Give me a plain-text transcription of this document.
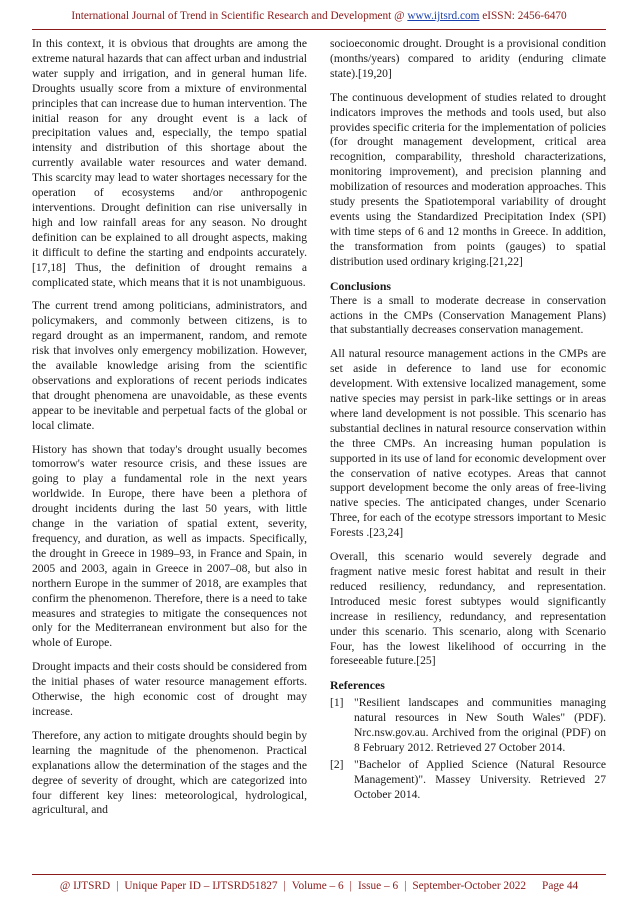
International Journal of Trend in Scientific Research and Development @ www.ijtsrd.com eISSN: 2456-6470

In this context, it is obvious that droughts are among the extreme natural hazards that can affect urban and industrial water supply and irrigation, and in general human life. Droughts usually score from a mixture of environmental principles that can increase due to human intervention. The initial reason for any drought event is a lack of precipitation values and, especially, the tempo spatial intensity and distribution of this shortage about the currently available water resources and water demand. This scarcity may lead to water shortages necessary for the operation of ecosystems and/or anthropogenic interventions. Drought definition can rise universally in high and low rainfall areas for any season. No drought definition can be explained to all drought aspects, making it difficult to define the starting and endpoints accurately.[17,18] Thus, the definition of drought remains a complicated state, which means that it is not unambiguous.

The current trend among politicians, administrators, and policymakers, and commonly between citizens, is to regard drought as an impermanent, random, and remote risk that involves only emergency mobilization. However, the available knowledge arising from the scientific observations and explorations of recent periods indicates that drought phenomena are unavoidable, as these events appear to be inevitable and perpetual facts of the global or local climate.

History has shown that today's drought usually becomes tomorrow's water resource crisis, and these issues are going to play a fundamental role in the next years worldwide. In Europe, there have been a plethora of drought incidents during the last 50 years, with little change in the variation of spatial extent, severity, frequency, and duration, as well as impacts. Specifically, the drought in Greece in 1989–93, in France and Spain, in 2005 and 2003, again in Greece in 2007–08, but also in northern Europe in the summer of 2018, are examples that confirm the phenomenon. Therefore, there is a need to take measures and strategies to mitigate the consequences not only for the Mediterranean environment but also for the whole of Europe.

Drought impacts and their costs should be considered from the initial phases of water resource management efforts. Otherwise, the high economic cost of drought may increase.

Therefore, any action to mitigate droughts should begin by learning the magnitude of the phenomenon. Practical explanations allow the determination of the stages and the degree of severity of drought, which are categorized into four different key lines: meteorological, hydrological, agricultural, and

socioeconomic drought. Drought is a provisional condition (months/years) compared to aridity (enduring climate state).[19,20]

The continuous development of studies related to drought indicators improves the methods and tools used, but also provides specific criteria for the implementation of policies (for drought management development, critical area recognition, comparability, threshold characterizations, monitoring improvement), and precision planning and mobilization of resources and moderation approaches. This study presents the Spatiotemporal variability of drought events using the Standardized Precipitation Index (SPI) with time steps of 6 and 12 months in Greece. In addition, the transformation from points (gauges) to spatial distribution used ordinary kriging.[21,22]

Conclusions

There is a small to moderate decrease in conservation actions in the CMPs (Conservation Management Plans) that substantially decreases conservation management.

All natural resource management actions in the CMPs are set aside in deference to land use for economic development. With extensive localized management, some native species may persist in park-like settings or in areas where land development is not possible. This scenario has substantial declines in natural resource conservation within the three CMPs. An increasing human population is supported in its use of land for economic development over the conservation of native ecotypes. Areas that cannot support development become the only areas of free-living native species. The anticipated changes, under Scenario Three, for each of the ecotype stressors important to Mesic Forests .[23,24]

Overall, this scenario would severely degrade and fragment native mesic forest habitat and result in their reduced resiliency, redundancy, and representation. Introduced mesic forest subtypes would significantly increase in resiliency, redundancy, and representation under this scenario. This scenario, along with Scenario Four, has the lowest likelihood of occurring in the foreseeable future.[25]

References
[1] "Resilient landscapes and communities managing natural resources in New South Wales" (PDF). Nrc.nsw.gov.au. Archived from the original (PDF) on 8 February 2012. Retrieved 27 October 2014.
[2] "Bachelor of Applied Science (Natural Resource Management)". Massey University. Retrieved 27 October 2014.
@ IJTSRD | Unique Paper ID – IJTSRD51827 | Volume – 6 | Issue – 6 | September-October 2022 Page 44
